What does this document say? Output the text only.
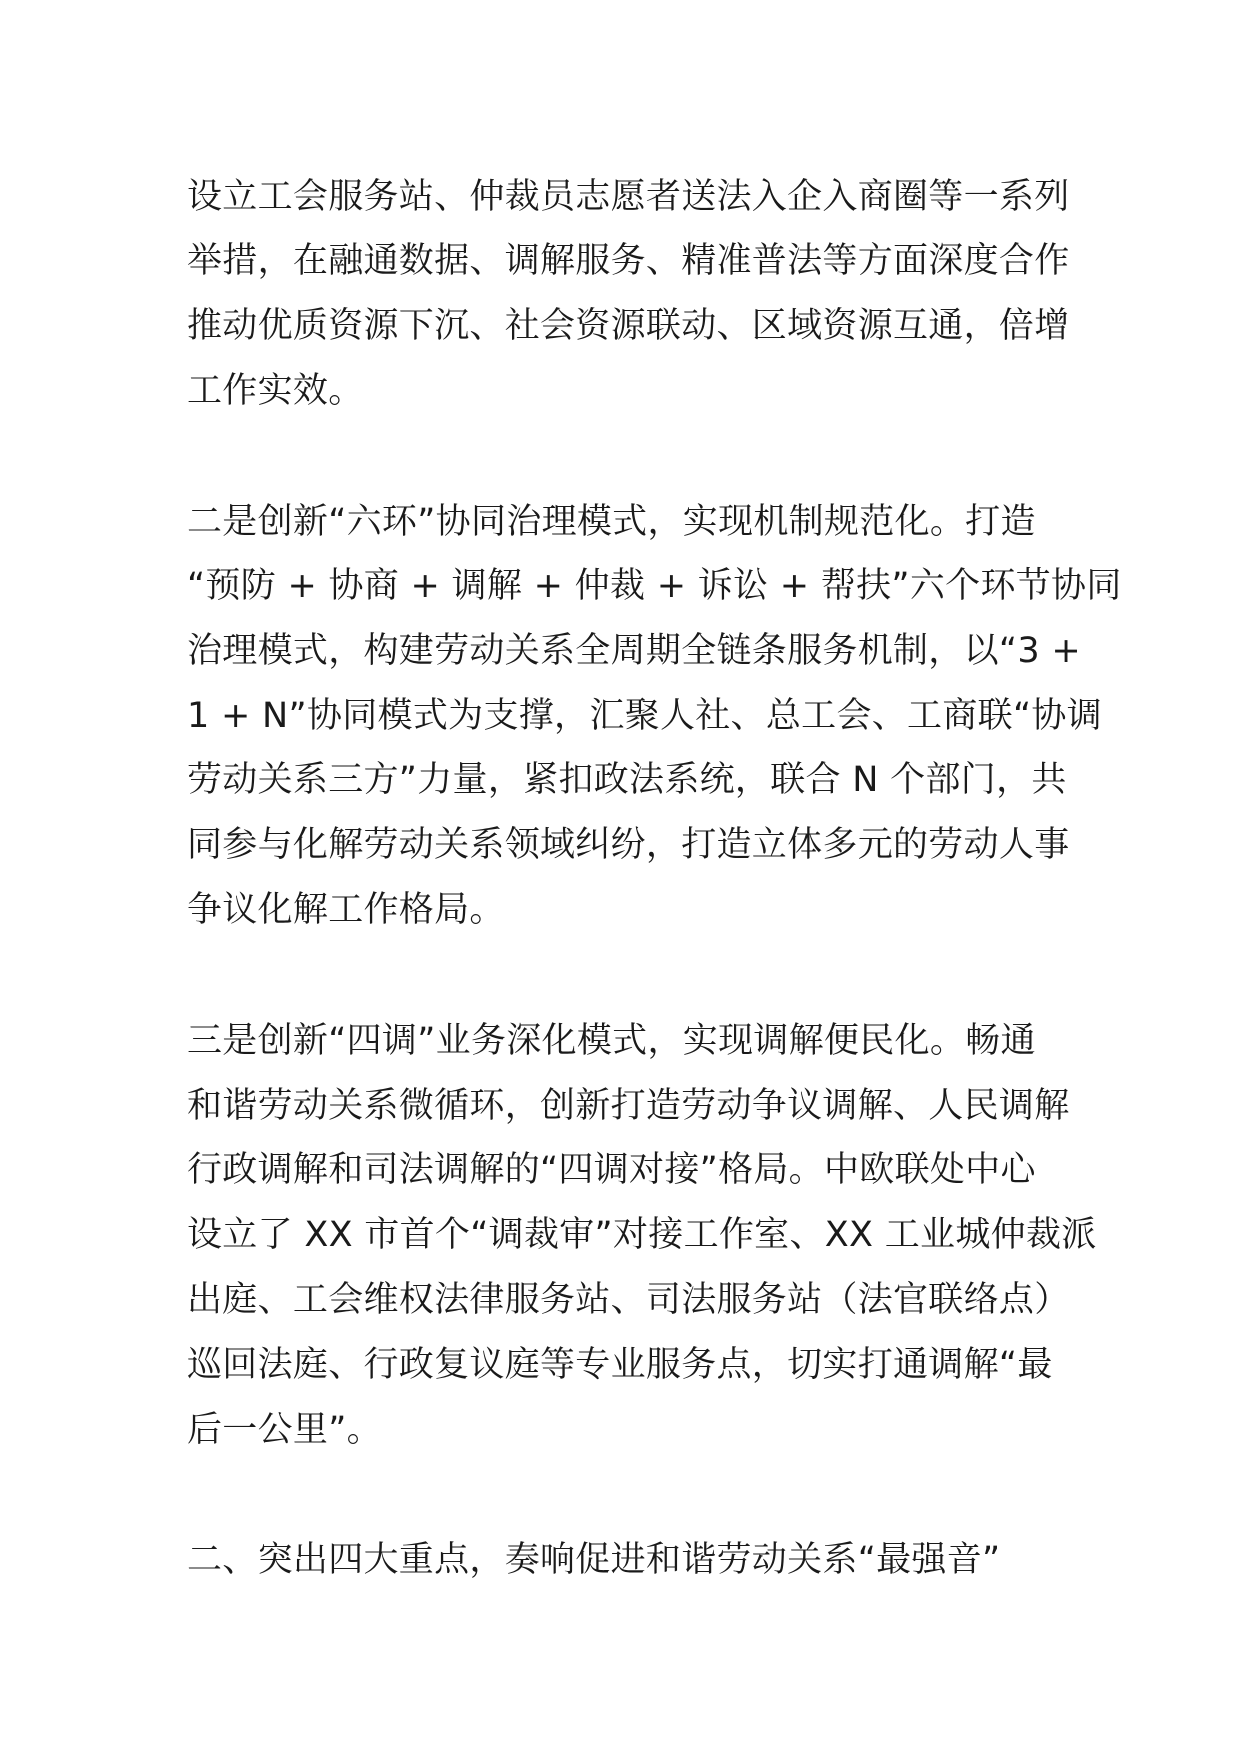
设立工会服务站、仲裁员志愿者送法入企入商圈等一系列
举措，在融通数据、调解服务、精准普法等方面深度合作
推动优质资源下沉、社会资源联动、区域资源互通，倍增
工作实效。
二是创新“六环”协同治理模式，实现机制规范化。打造
“预防 + 协商 + 调解 + 仲裁 + 诉讼 + 帮扶”六个环节协同
治理模式，构建劳动关系全周期全链条服务机制，以“3 +
1 + N”协同模式为支撑，汇聚人社、总工会、工商联“协调
劳动关系三方”力量，紧扣政法系统，联合 N 个部门，共
同参与化解劳动关系领域纠纷，打造立体多元的劳动人事
争议化解工作格局。
三是创新“四调”业务深化模式，实现调解便民化。畅通
和谐劳动关系微循环，创新打造劳动争议调解、人民调解
行政调解和司法调解的“四调对接”格局。中欧联处中心
设立了 XX 市首个“调裁审”对接工作室、XX 工业城仲裁派
出庭、工会维权法律服务站、司法服务站（法官联络点）
巡回法庭、行政复议庭等专业服务点，切实打通调解“最
后一公里”。
二、突出四大重点，奏响促进和谐劳动关系“最强音”
